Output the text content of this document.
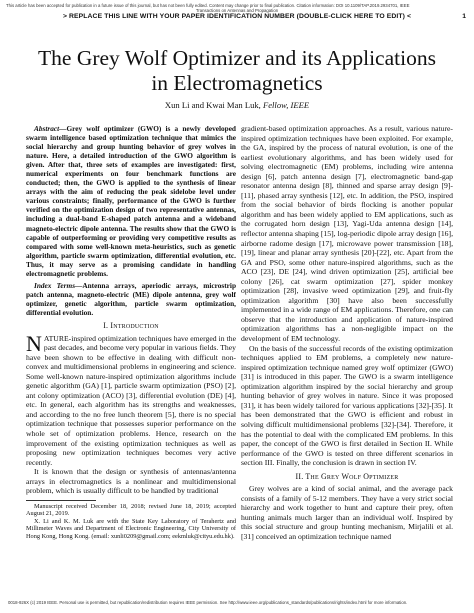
This article has been accepted for publication in a future issue of this journal, but has not been fully edited. Content may change prior to final publication. Citation information: DOI 10.1109/TAP.2019.2934701, IEEE
Transactions on Antennas and Propagation
> REPLACE THIS LINE WITH YOUR PAPER IDENTIFICATION NUMBER (DOUBLE-CLICK HERE TO EDIT) <	1
The Grey Wolf Optimizer and its Applications
in Electromagnetics
Xun Li and Kwai Man Luk, Fellow, IEEE

Abstract—Grey wolf optimizer (GWO) is a newly developed swarm intelligence based optimization technique that mimics the social hierarchy and group hunting behavior of grey wolves in nature. Here, a detailed introduction of the GWO algorithm is given. After that, three sets of examples are investigated: first, numerical experiments on four benchmark functions are conducted; then, the GWO is applied to the synthesis of linear arrays with the aim of reducing the peak sidelobe level under various constraints; finally, performance of the GWO is further verified on the optimization design of two representative antennas, including a dual-band E-shaped patch antenna and a wideband magneto-electric dipole antenna. The results show that the GWO is capable of outperforming or providing very competitive results as compared with some well-known meta-heuristics, such as genetic algorithm, particle swarm optimization, differential evolution, etc. Thus, it may serve as a promising candidate in handling electromagnetic problems.

Index Terms—Antenna arrays, aperiodic arrays, microstrip patch antenna, magneto-electric (ME) dipole antenna, grey wolf optimizer, genetic algorithm, particle swarm optimization, differential evolution.

I. Introduction

NATURE-inspired optimization techniques have emerged in the past decades, and become very popular in various fields. They have been shown to be effective in dealing with difficult non-convex and multidimensional problems in engineering and science. Some well-known nature-inspired optimization algorithms include genetic algorithm (GA) [1], particle swarm optimization (PSO) [2], ant colony optimization (ACO) [3], differential evolution (DE) [4], etc. In general, each algorithm has its strengths and weaknesses, and according to the no free lunch theorem [5], there is no special optimization technique that possesses superior performance on the whole set of optimization problems. Hence, research on the improvement of the existing optimization techniques as well as proposing new optimization techniques becomes very active recently.

It is known that the design or synthesis of antennas/antenna arrays in electromagnetics is a nonlinear and multidimensional problem, which is usually difficult to be handled by traditional

Manuscript received December 18, 2018; revised June 18, 2019; accepted August 21, 2019.

X. Li and K. M. Luk are with the State Key Laboratory of Terahertz and Millimeter Waves and Department of Electronic Engineering, City University of Hong Kong, Hong Kong. (email: xunli0209@gmail.com; eekmluk@cityu.edu.hk).

gradient-based optimization approaches. As a result, various nature-inspired optimization techniques have been exploited. For example, the GA, inspired by the process of natural evolution, is one of the earliest evolutionary algorithms, and has been widely used for solving electromagnetic (EM) problems, including wire antenna design [6], patch antenna design [7], electromagnetic band-gap resonator antenna design [8], thinned and sparse array design [9]-[11], phased array synthesis [12], etc. In addition, the PSO, inspired from the social behavior of birds flocking is another popular algorithm and has been widely applied to EM applications, such as the corrugated horn design [13], Yagi-Uda antenna design [14], reflector antenna shaping [15], log-periodic dipole array design [16], airborne radome design [17], microwave power transmission [18], [19], linear and planar array synthesis [20]-[22], etc. Apart from the GA and PSO, some other nature-inspired algorithms, such as the ACO [23], DE [24], wind driven optimization [25], artificial bee colony [26], cat swarm optimization [27], spider monkey optimization [28], invasive weed optimization [29], and fruit-fly optimization algorithm [30] have also been successfully implemented in a wide range of EM applications. Therefore, one can observe that the introduction and application of nature-inspired optimization algorithms has a non-negligible impact on the development of EM technology.

On the basis of the successful records of the existing optimization techniques applied to EM problems, a completely new nature-inspired optimization technique named grey wolf optimizer (GWO) [31] is introduced in this paper. The GWO is a swarm intelligence optimization algorithm inspired by the social hierarchy and group hunting behavior of grey wolves in nature. Since it was proposed [31], it has been widely tailored for various applications [32]-[35]. It has been demonstrated that the GWO is efficient and robust in solving difficult multidimensional problems [32]-[34]. Therefore, it has the potential to deal with the complicated EM problems. In this paper, the concept of the GWO is first detailed in Section II. While performance of the GWO is tested on three different scenarios in section III. Finally, the conclusion is drawn in section IV.

II. The Grey Wolf Optimizer

Grey wolves are a kind of social animal, and the average pack consists of a family of 5-12 members. They have a very strict social hierarchy and work together to hunt and capture their prey, often hunting animals much larger than an individual wolf. Inspired by this social structure and group hunting mechanism, Mirjalili et al. [31] conceived an optimization technique named

0018-926X (c) 2019 IEEE. Personal use is permitted, but republication/redistribution requires IEEE permission. See http://www.ieee.org/publications_standards/publications/rights/index.html for more information.
